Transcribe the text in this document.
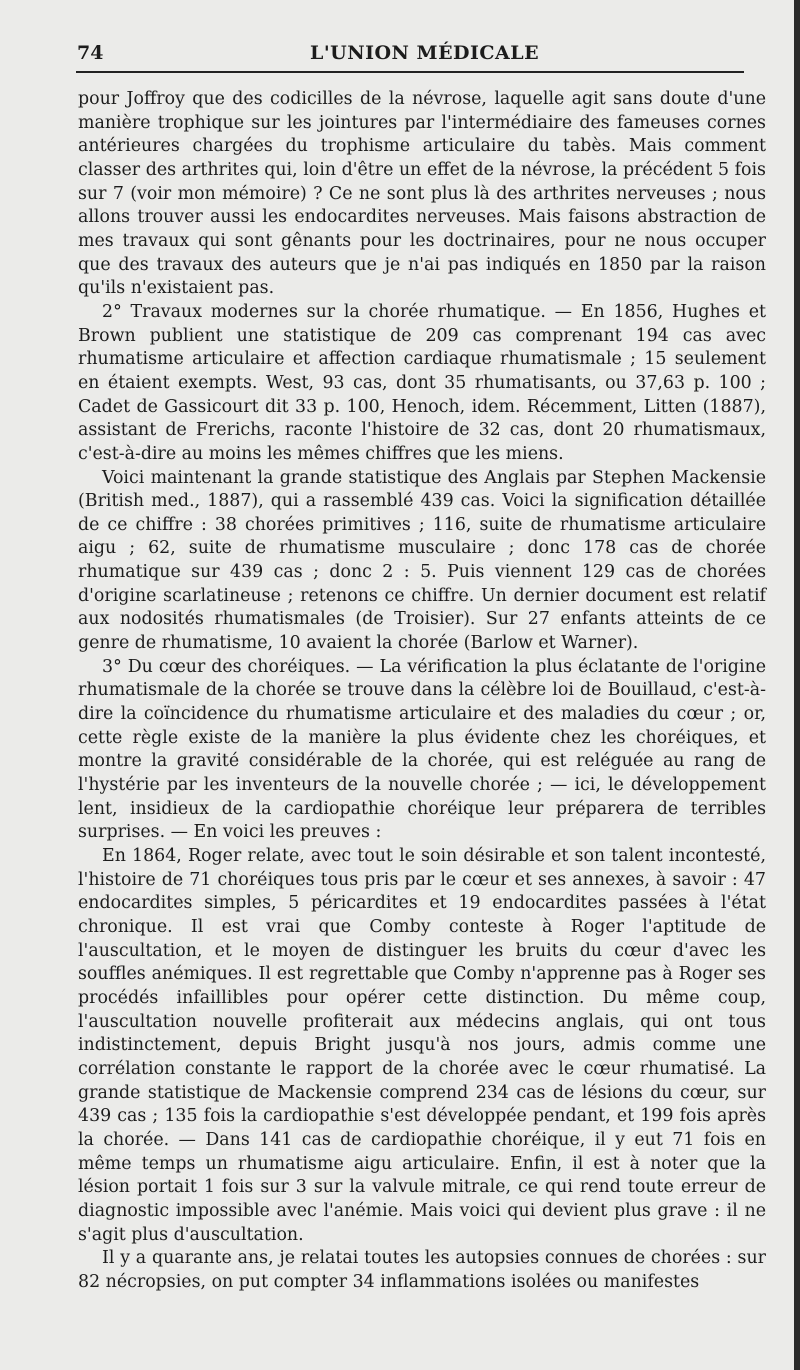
74	L'UNION MÉDICALE

pour Joffroy que des codicilles de la névrose, laquelle agit sans doute d'une manière trophique sur les jointures par l'intermédiaire des fameuses cornes antérieures chargées du trophisme articulaire du tabès. Mais comment classer des arthrites qui, loin d'être un effet de la névrose, la précédent 5 fois sur 7 (voir mon mémoire) ? Ce ne sont plus là des arthrites nerveuses ; nous allons trouver aussi les endocardites nerveuses. Mais faisons abstraction de mes travaux qui sont gênants pour les doctrinaires, pour ne nous occuper que des travaux des auteurs que je n'ai pas indiqués en 1850 par la raison qu'ils n'existaient pas.

2° Travaux modernes sur la chorée rhumatique. — En 1856, Hughes et Brown publient une statistique de 209 cas comprenant 194 cas avec rhumatisme articulaire et affection cardiaque rhumatismale ; 15 seulement en étaient exempts. West, 93 cas, dont 35 rhumatisants, ou 37,63 p. 100 ; Cadet de Gassicourt dit 33 p. 100, Henoch, idem. Récemment, Litten (1887), assistant de Frerichs, raconte l'histoire de 32 cas, dont 20 rhumatismaux, c'est-à-dire au moins les mêmes chiffres que les miens.

Voici maintenant la grande statistique des Anglais par Stephen Mackensie (British med., 1887), qui a rassemblé 439 cas. Voici la signification détaillée de ce chiffre : 38 chorées primitives ; 116, suite de rhumatisme articulaire aigu ; 62, suite de rhumatisme musculaire ; donc 178 cas de chorée rhumatique sur 439 cas ; donc 2 : 5. Puis viennent 129 cas de chorées d'origine scarlatineuse ; retenons ce chiffre. Un dernier document est relatif aux nodosités rhumatismales (de Troisier). Sur 27 enfants atteints de ce genre de rhumatisme, 10 avaient la chorée (Barlow et Warner).

3° Du cœur des choréiques. — La vérification la plus éclatante de l'origine rhumatismale de la chorée se trouve dans la célèbre loi de Bouillaud, c'est-à-dire la coïncidence du rhumatisme articulaire et des maladies du cœur ; or, cette règle existe de la manière la plus évidente chez les choréiques, et montre la gravité considérable de la chorée, qui est reléguée au rang de l'hystérie par les inventeurs de la nouvelle chorée ; — ici, le développement lent, insidieux de la cardiopathie choréique leur préparera de terribles surprises. — En voici les preuves :

En 1864, Roger relate, avec tout le soin désirable et son talent incontesté, l'histoire de 71 choréiques tous pris par le cœur et ses annexes, à savoir : 47 endocardites simples, 5 péricardites et 19 endocardites passées à l'état chronique. Il est vrai que Comby conteste à Roger l'aptitude de l'auscultation, et le moyen de distinguer les bruits du cœur d'avec les souffles anémiques. Il est regrettable que Comby n'apprenne pas à Roger ses procédés infaillibles pour opérer cette distinction. Du même coup, l'auscultation nouvelle profiterait aux médecins anglais, qui ont tous indistinctement, depuis Bright jusqu'à nos jours, admis comme une corrélation constante le rapport de la chorée avec le cœur rhumatisé. La grande statistique de Mackensie comprend 234 cas de lésions du cœur, sur 439 cas ; 135 fois la cardiopathie s'est développée pendant, et 199 fois après la chorée. — Dans 141 cas de cardiopathie choréique, il y eut 71 fois en même temps un rhumatisme aigu articulaire. Enfin, il est à noter que la lésion portait 1 fois sur 3 sur la valvule mitrale, ce qui rend toute erreur de diagnostic impossible avec l'anémie. Mais voici qui devient plus grave : il ne s'agit plus d'auscultation.

Il y a quarante ans, je relatai toutes les autopsies connues de chorées : sur 82 nécropsies, on put compter 34 inflammations isolées ou manifestes
